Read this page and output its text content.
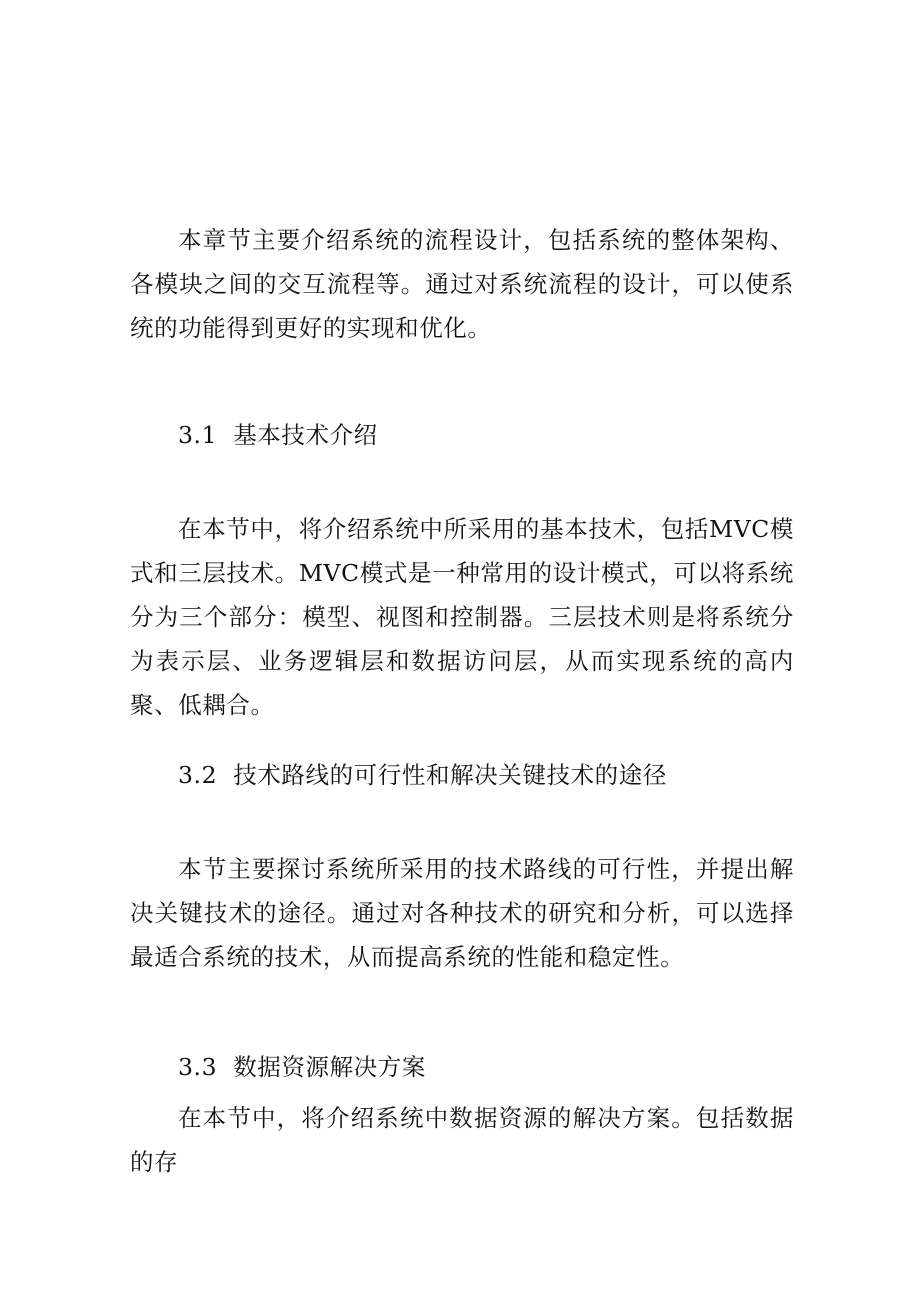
本章节主要介绍系统的流程设计，包括系统的整体架构、各模块之间的交互流程等。通过对系统流程的设计，可以使系统的功能得到更好的实现和优化。

3.1 基本技术介绍

在本节中，将介绍系统中所采用的基本技术，包括MVC模式和三层技术。MVC模式是一种常用的设计模式，可以将系统分为三个部分：模型、视图和控制器。三层技术则是将系统分为表示层、业务逻辑层和数据访问层，从而实现系统的高内聚、低耦合。

3.2 技术路线的可行性和解决关键技术的途径

本节主要探讨系统所采用的技术路线的可行性，并提出解决关键技术的途径。通过对各种技术的研究和分析，可以选择最适合系统的技术，从而提高系统的性能和稳定性。

3.3 数据资源解决方案

在本节中，将介绍系统中数据资源的解决方案。包括数据的存
